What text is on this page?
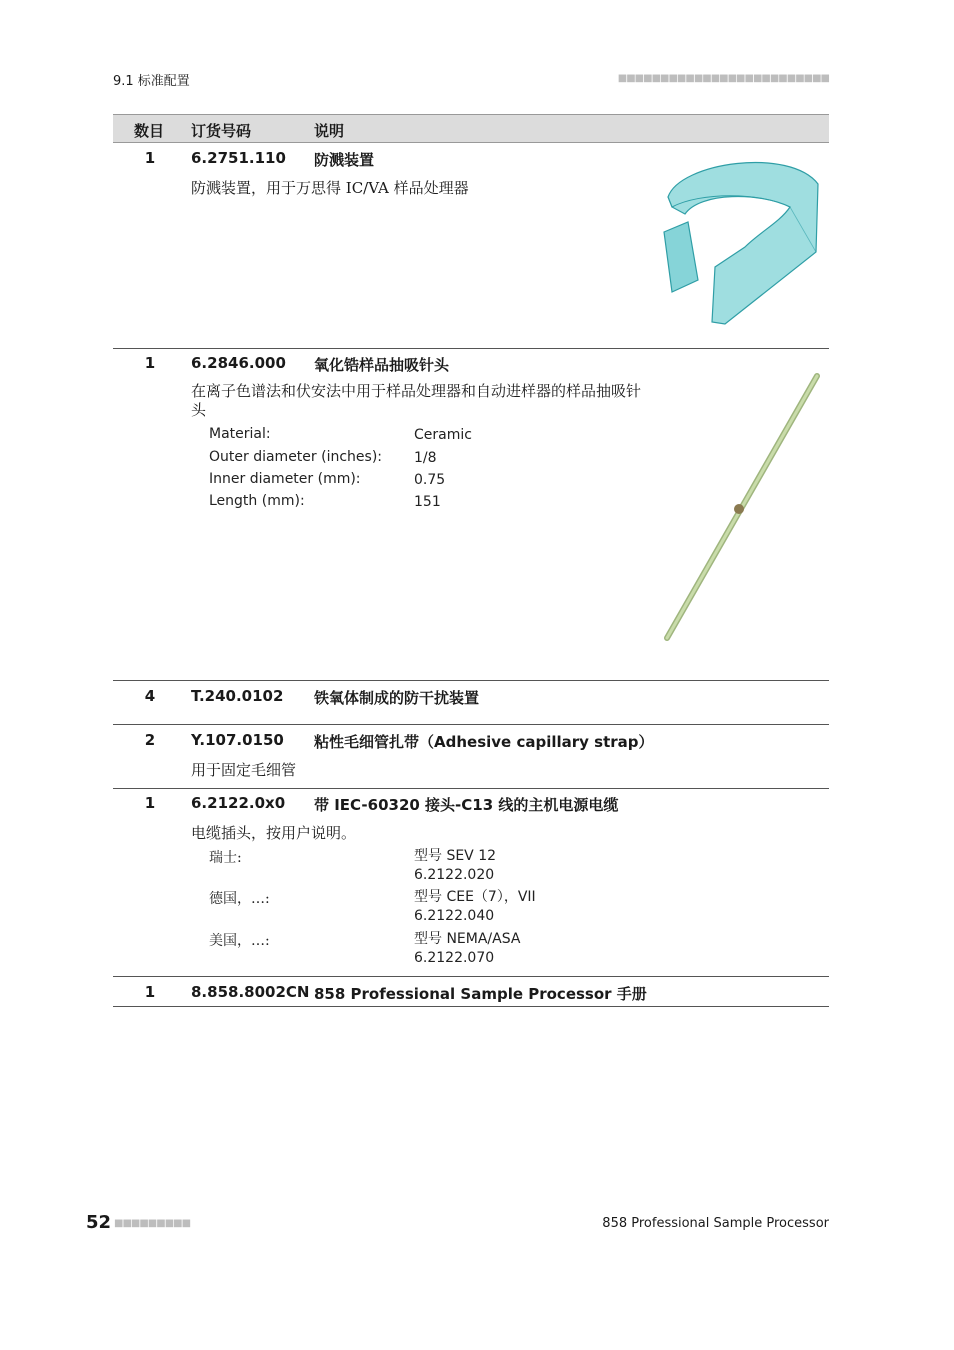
9.1 标准配置	■■■■■■■■■■■■■■■■■■■■■■■■■
数目 订货号码	说明
1	6.2751.110 防溅装置
防溅装置，用于万思得 IC/VA 样品处理器
1	6.2846.000 氧化锆样品抽吸针头
在离子色谱法和伏安法中用于样品处理器和自动进样器的样品抽吸针头
Material:	Ceramic
Outer diameter (inches): 1/8
Inner diameter (mm):	0.75
Length (mm):	151
4	T.240.0102 铁氧体制成的防干扰装置
2	Y.107.0150 粘性毛细管扎带（Adhesive capillary strap）
用于固定毛细管
1	6.2122.0x0 带 IEC-60320 接头-C13 线的主机电源电缆
电缆插头，按用户说明。
瑞士:	型号 SEV 12
6.2122.020
德国，…:	型号 CEE（7），VII
6.2122.040
美国，…:	型号 NEMA/ASA
6.2122.070
1	8.858.8002CN 858 Professional Sample Processor 手册
52 ■■■■■■■■■	858 Professional Sample Processor
